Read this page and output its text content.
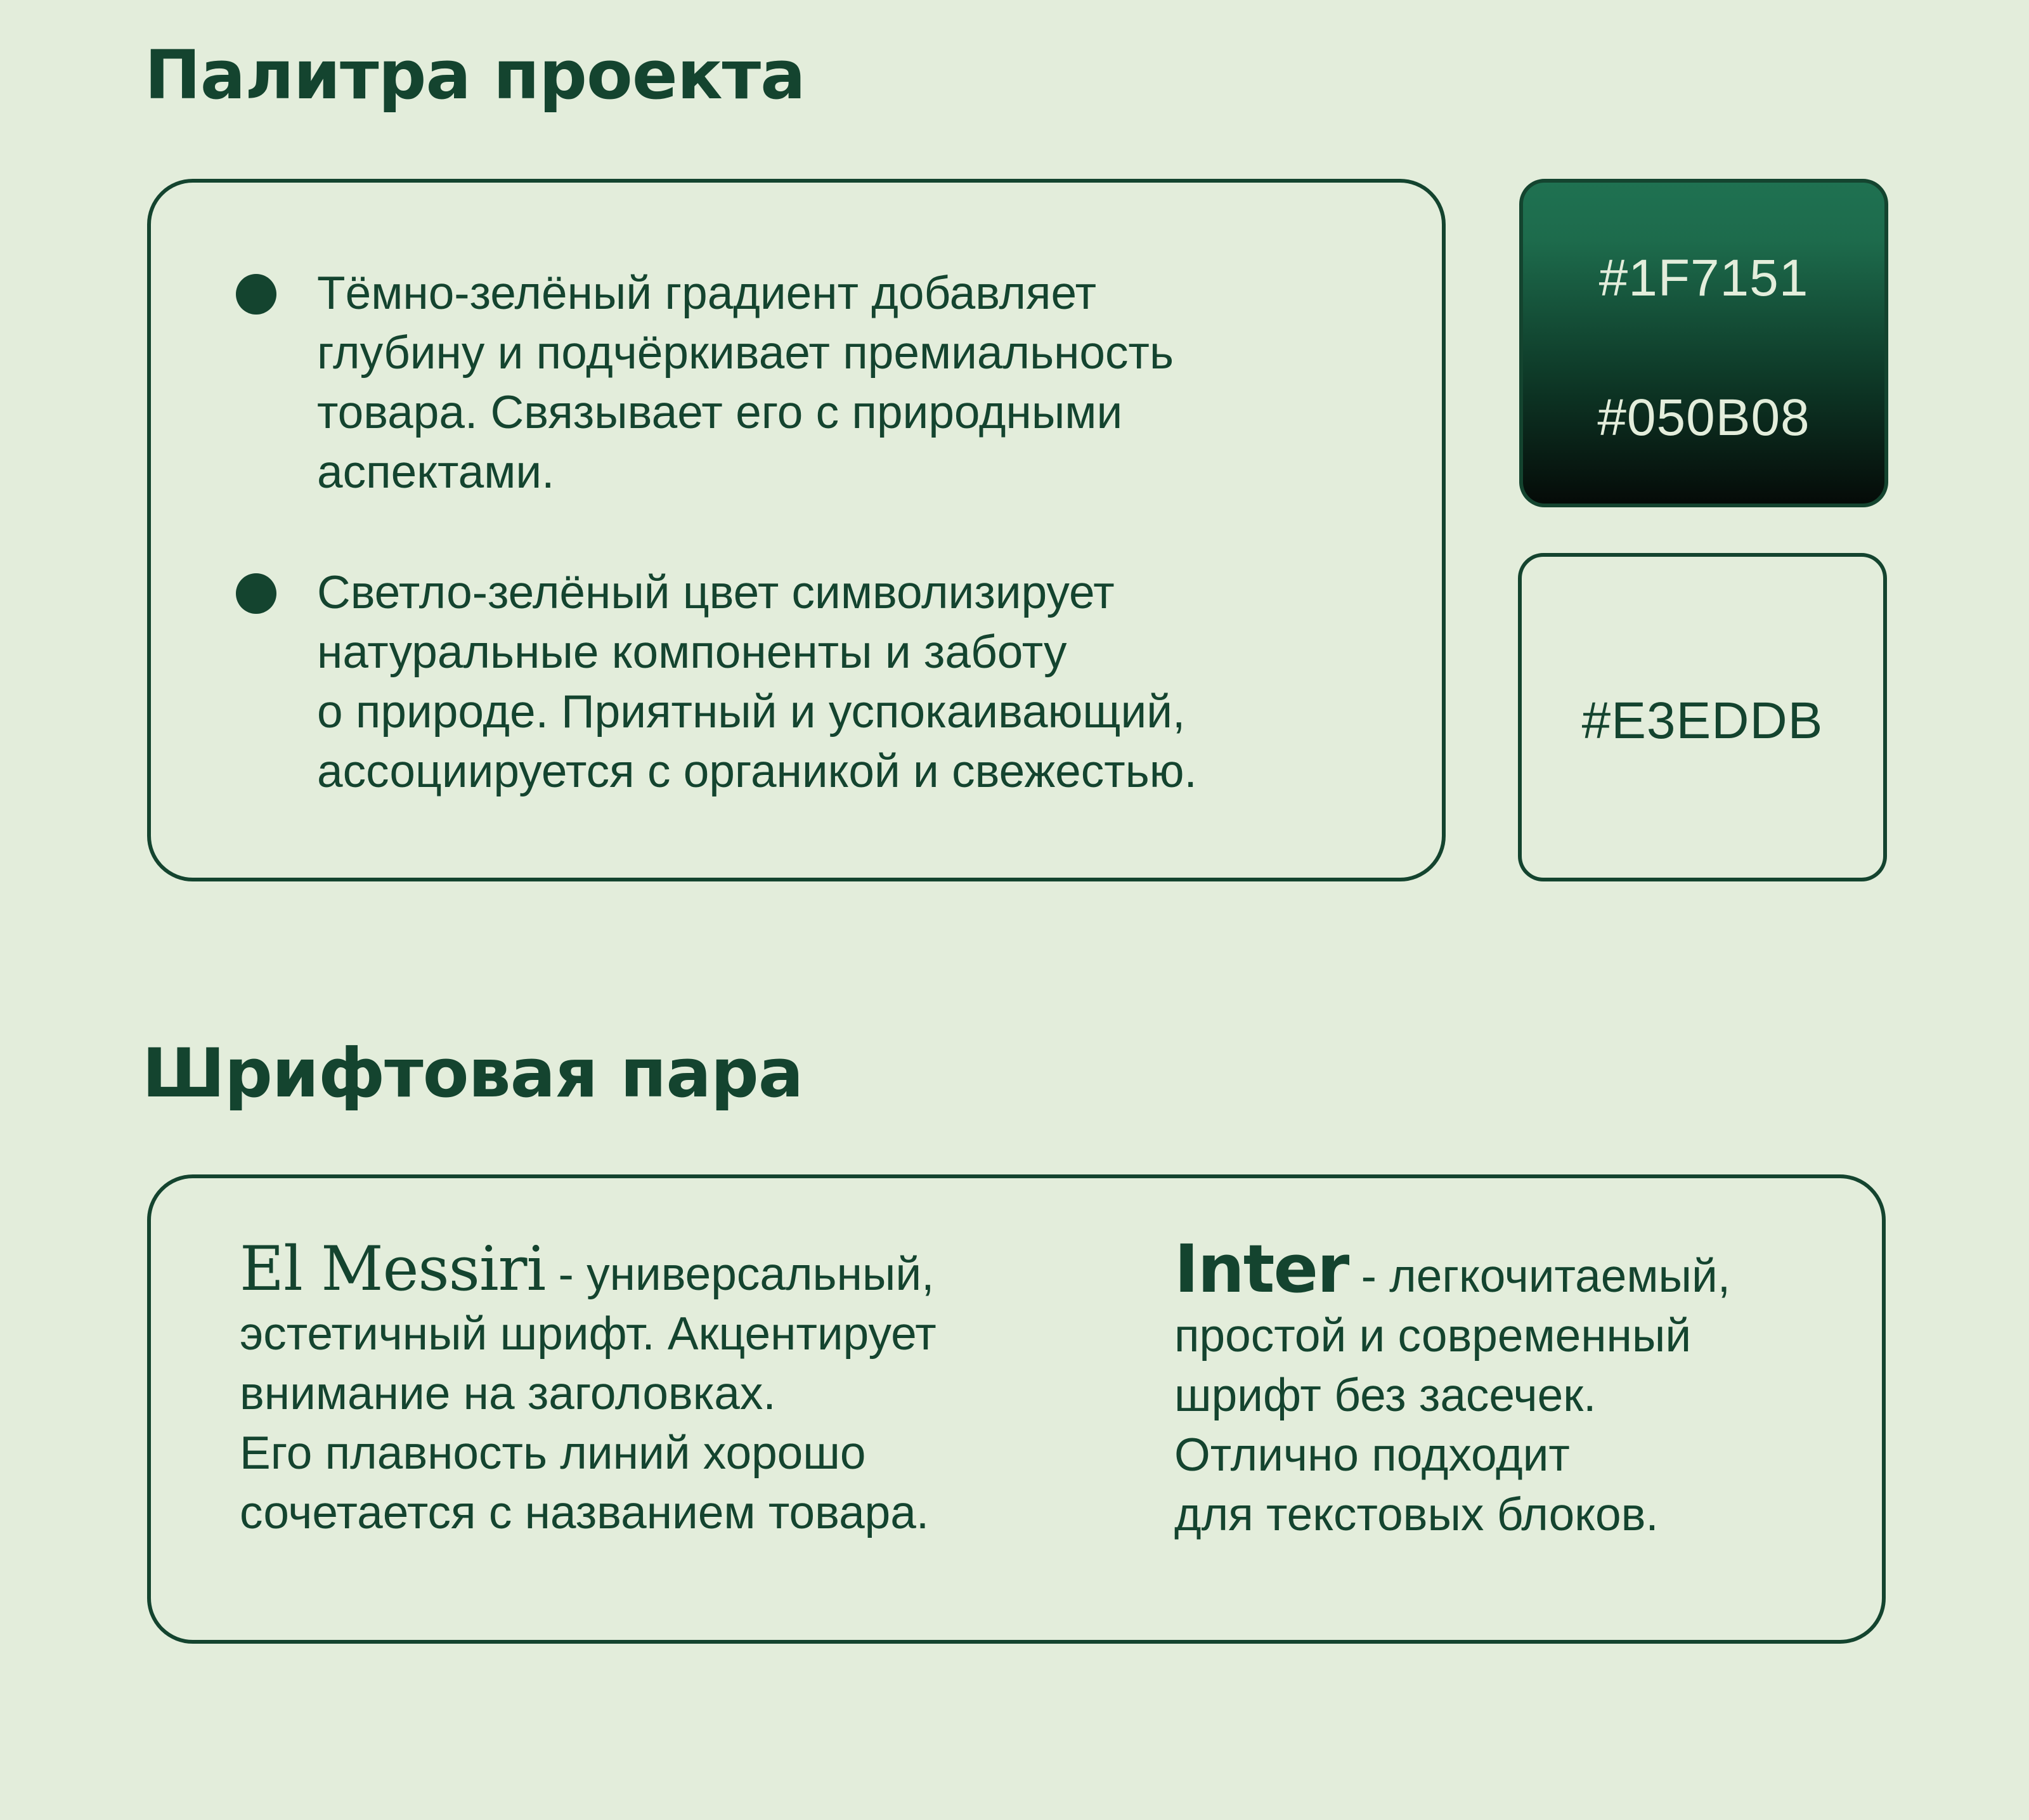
Палитра проекта

Тёмно-зелёный градиент добавляет
глубину и подчёркивает премиальность
товара. Связывает его с природными
аспектами.

Светло-зелёный цвет символизирует
натуральные компоненты и заботу
о природе. Приятный и успокаивающий,
ассоциируется с органикой и свежестью.

#1F7151
#050B08
#E3EDDB
Шрифтовая пара

El Messiri - универсальный,
эстетичный шрифт. Акцентирует
внимание на заголовках.
Его плавность линий хорошо
сочетается с названием товара.

Inter - легкочитаемый,
простой и современный
шрифт без засечек.
Отлично подходит
для текстовых блоков.
